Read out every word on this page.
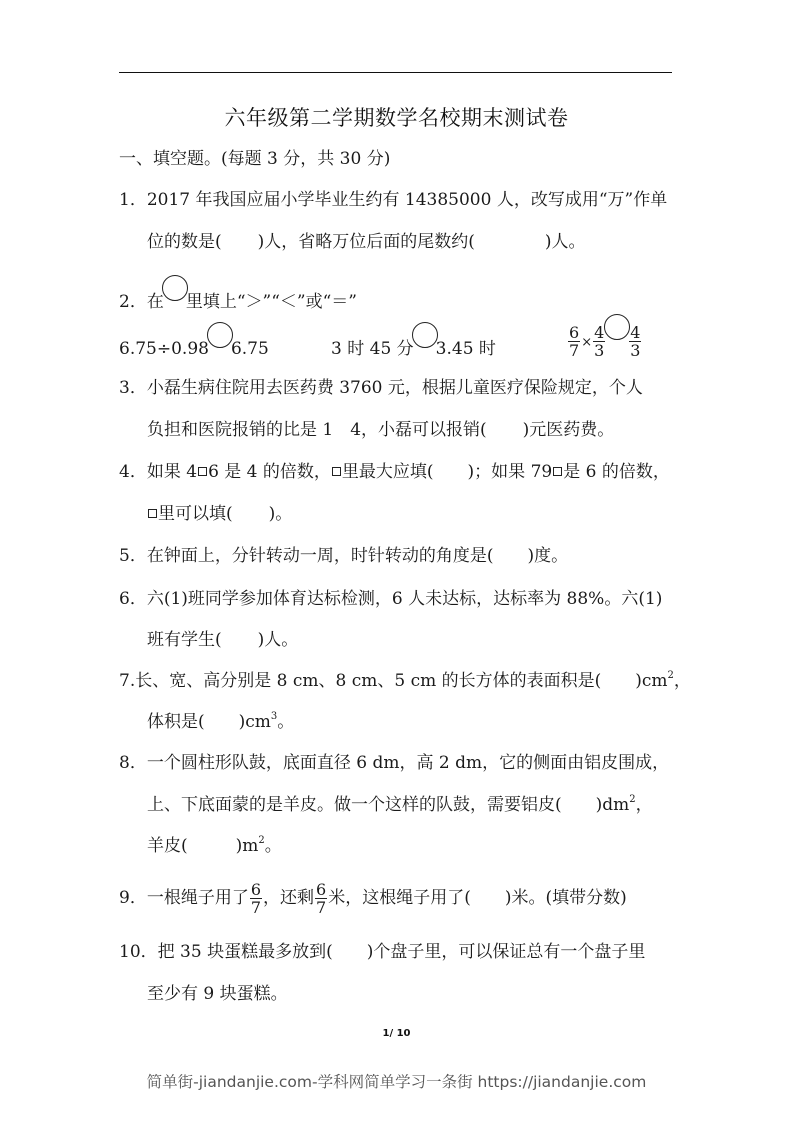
六年级第二学期数学名校期末测试卷
一、填空题。(每题 3 分，共 30 分)
1．2017 年我国应届小学毕业生约有 14385000 人，改写成用“万”作单
位的数是( )人，省略万位后面的尾数约(	)人。
2．在 里填上“＞”“＜”或“＝”
6.75÷0.98 6.75	3 时 45 分 3.45 时	$\frac{6}{7} \times \frac{4}{3} \frac{4}{3}$
3．小磊生病住院用去医药费 3760 元，根据儿童医疗保险规定，个人
负担和医院报销的比是 1　4，小磊可以报销( )元医药费。
4．如果 4 6 是 4 的倍数， 里最大应填( )；如果 79 是 6 的倍数，
里可以填( )。
5．在钟面上，分针转动一周，时针转动的角度是( )度。
6．六(1)班同学参加体育达标检测，6 人未达标，达标率为 88%。六(1)
班有学生( )人。
7.长、宽、高分别是 8 cm、8 cm、5 cm 的长方体的表面积是( )$cm^2$，
体积是( )$cm^3$。
8．一个圆柱形队鼓，底面直径 6 dm，高 2 dm，它的侧面由铝皮围成，
上、下底面蒙的是羊皮。做一个这样的队鼓，需要铝皮( )$dm^2$，
羊皮(	)$m^2$。
9．一根绳子用了 $\frac{6}{7}$ ，还剩 $\frac{6}{7}$ 米，这根绳子用了( )米。(填带分数)
10．把 35 块蛋糕最多放到( )个盘子里，可以保证总有一个盘子里
至少有 9 块蛋糕。
1/ 10
简单街-jiandanjie.com-学科网简单学习一条街 https://jiandanjie.com
